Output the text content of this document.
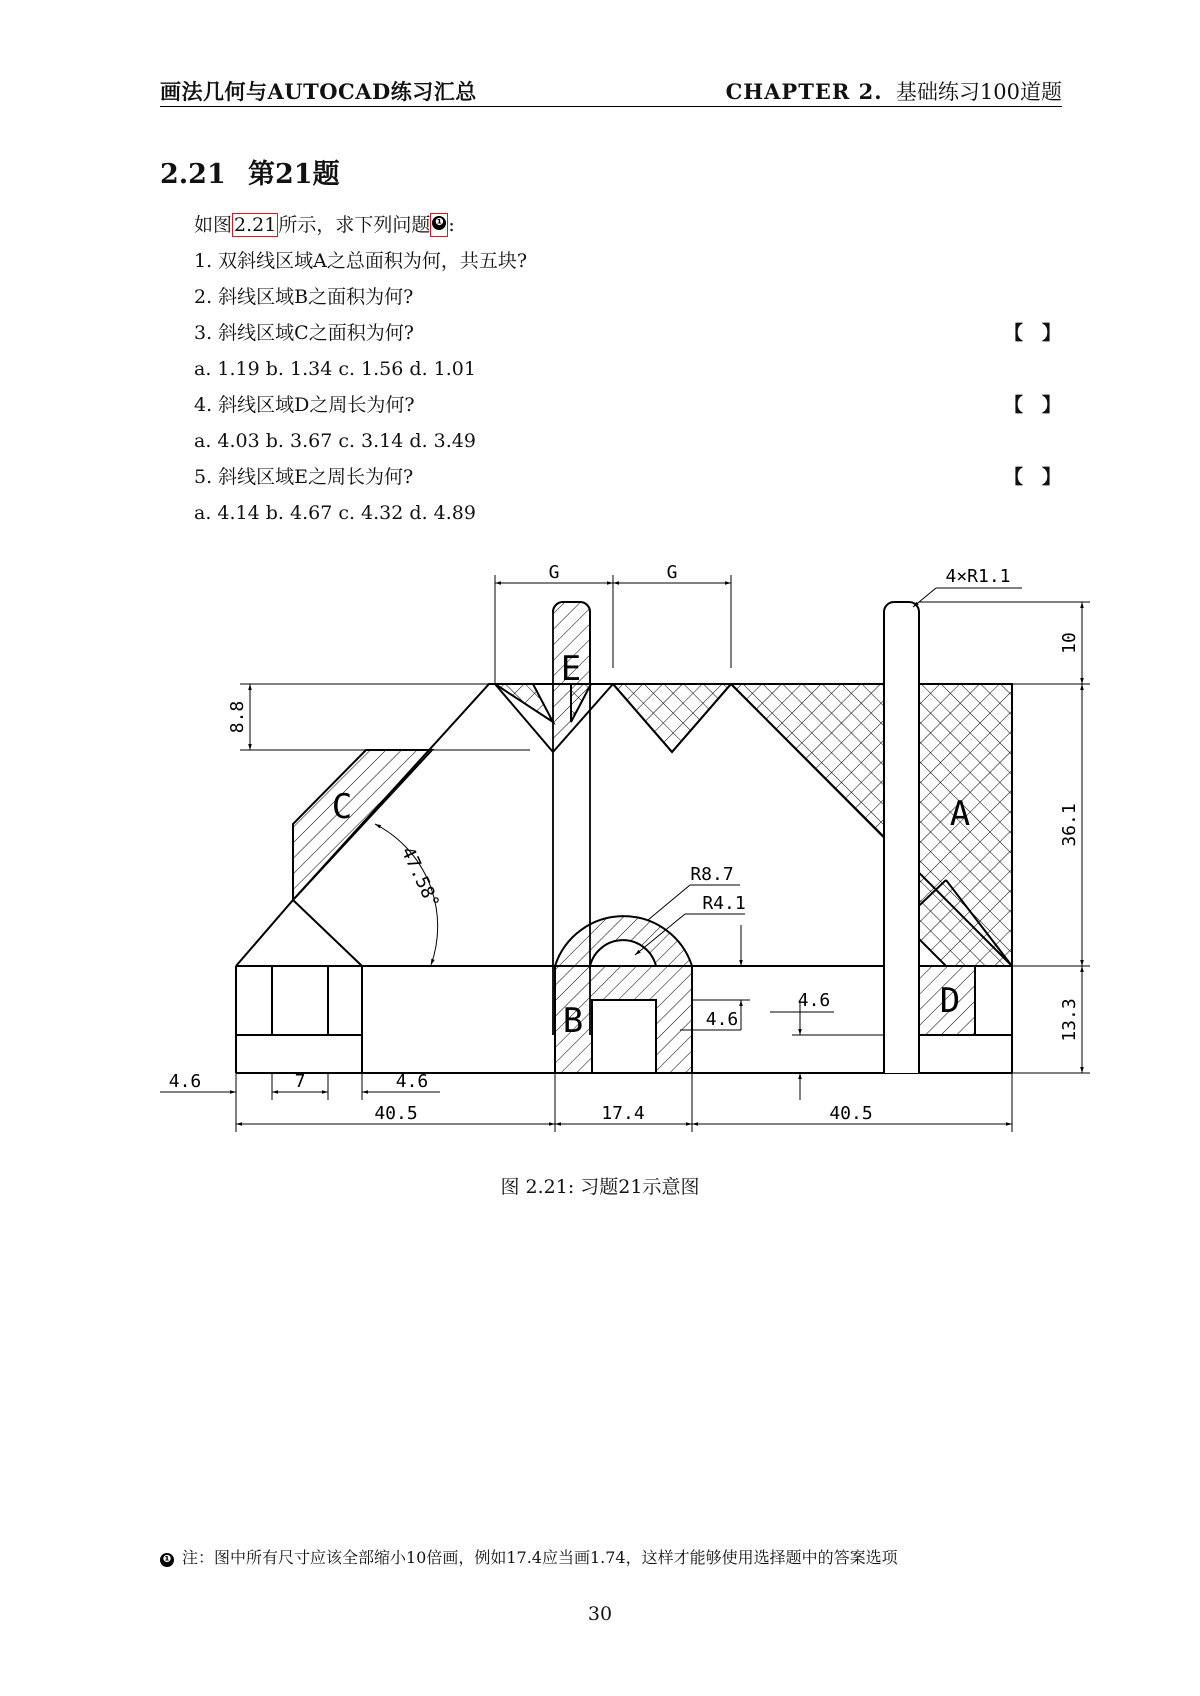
画法几何与AUTOCAD练习汇总	CHAPTER 2. 基础练习100道题
2.21 第21题
如图 2.21 所示，求下列问题 ❶ :
1. 双斜线区域A之总面积为何，共五块?
2. 斜线区域B之面积为何?
3. 斜线区域C之面积为何?	【　】
a. 1.19 b. 1.34 c. 1.56 d. 1.01
4. 斜线区域D之周长为何?	【　】
a. 4.03 b. 3.67 c. 3.14 d. 3.49
5. 斜线区域E之周长为何?	【　】
a. 4.14 b. 4.67 c. 4.32 d. 4.89
A
B
C
D
E
G	G	4×R1.1
10
36.1
13.3
8.8
47.58°	R8.7
R4.1
4.6
4.6
4.6	7	4.6
40.5	17.4	40.5
图 2.21: 习题21示意图
❶ 注：图中所有尺寸应该全部缩小10倍画，例如17.4应当画1.74，这样才能够使用选择题中的答案选项
30
